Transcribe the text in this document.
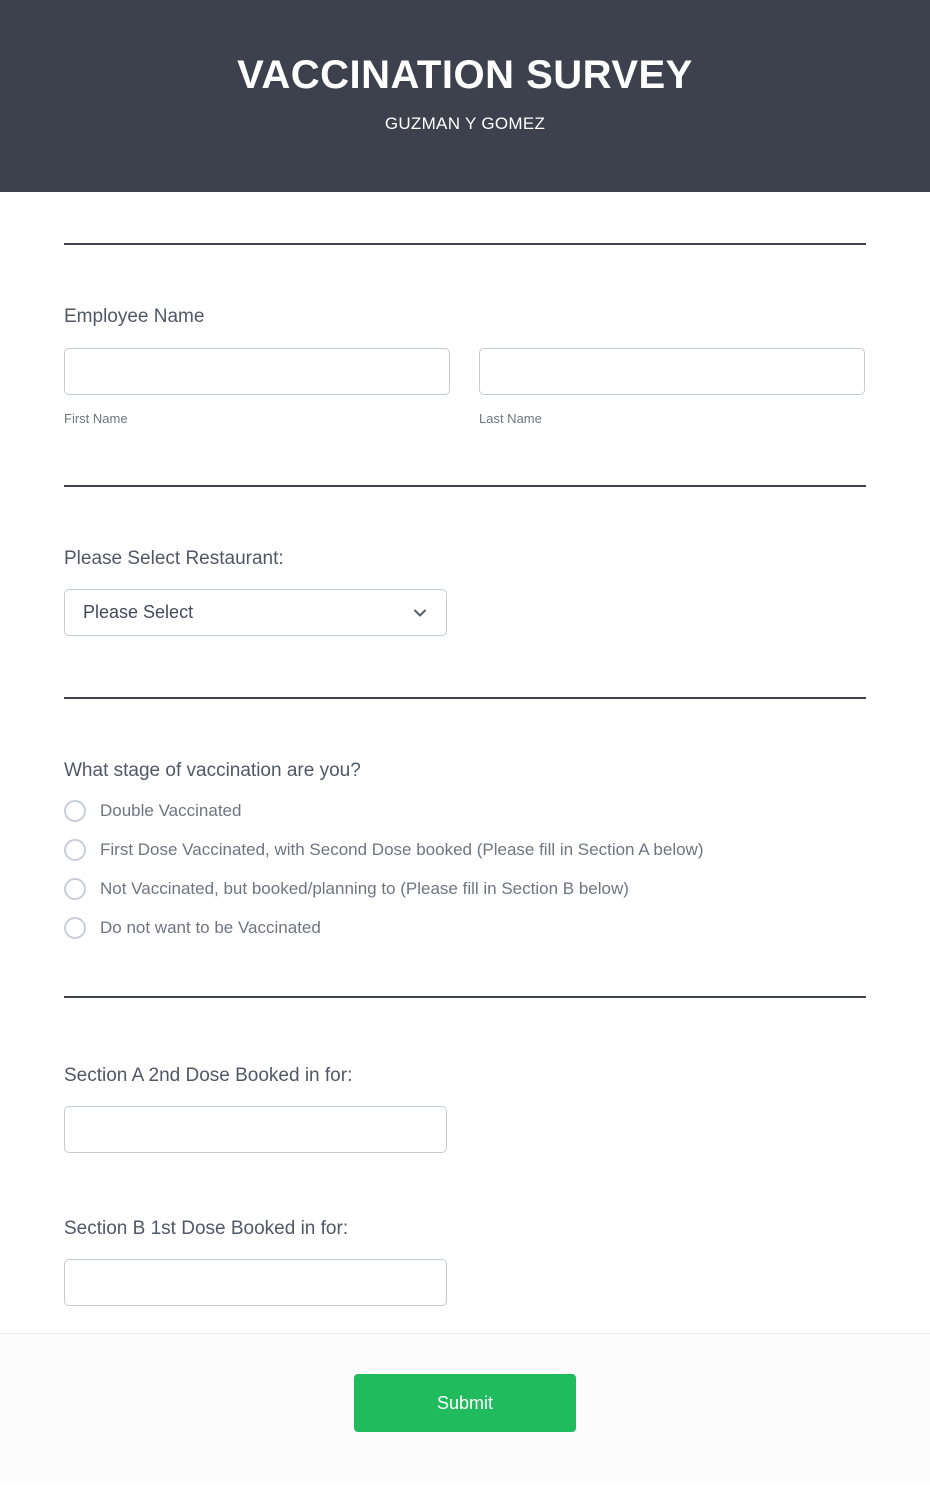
VACCINATION SURVEY
GUZMAN Y GOMEZ
Employee Name
First Name	Last Name
Please Select Restaurant:
Please Select
What stage of vaccination are you?
Double Vaccinated
First Dose Vaccinated, with Second Dose booked (Please fill in Section A below)
Not Vaccinated, but booked/planning to (Please fill in Section B below)
Do not want to be Vaccinated
Section A 2nd Dose Booked in for:
Section B 1st Dose Booked in for:
Submit
